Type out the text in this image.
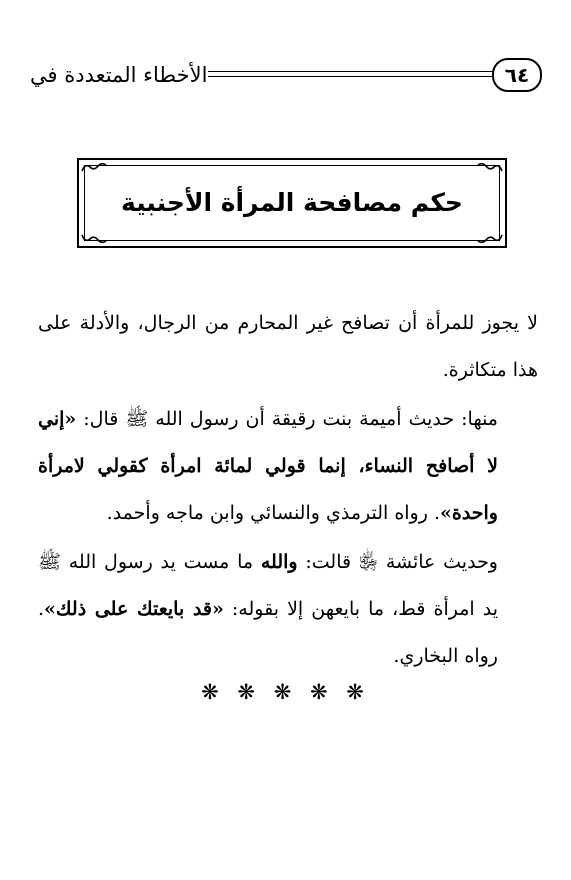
الأخطاء المتعددة في	٦٤
حكم مصافحة المرأة الأجنبية

لا يجوز للمرأة أن تصافح غير المحارم من الرجال، والأدلة على هذا متكاثرة.

منها: حديث أميمة بنت رقيقة أن رسول الله ﷺ قال: «إني لا أصافح النساء، إنما قولي لمائة امرأة كقولي لامرأة واحدة». رواه الترمذي والنسائي وابن ماجه وأحمد.

وحديث عائشة ﵂ قالت: والله ما مست يد رسول الله ﷺ يد امرأة قط، ما بايعهن إلا بقوله: «قد بايعتك على ذلك». رواه البخاري.

❋ ❋ ❋ ❋ ❋
